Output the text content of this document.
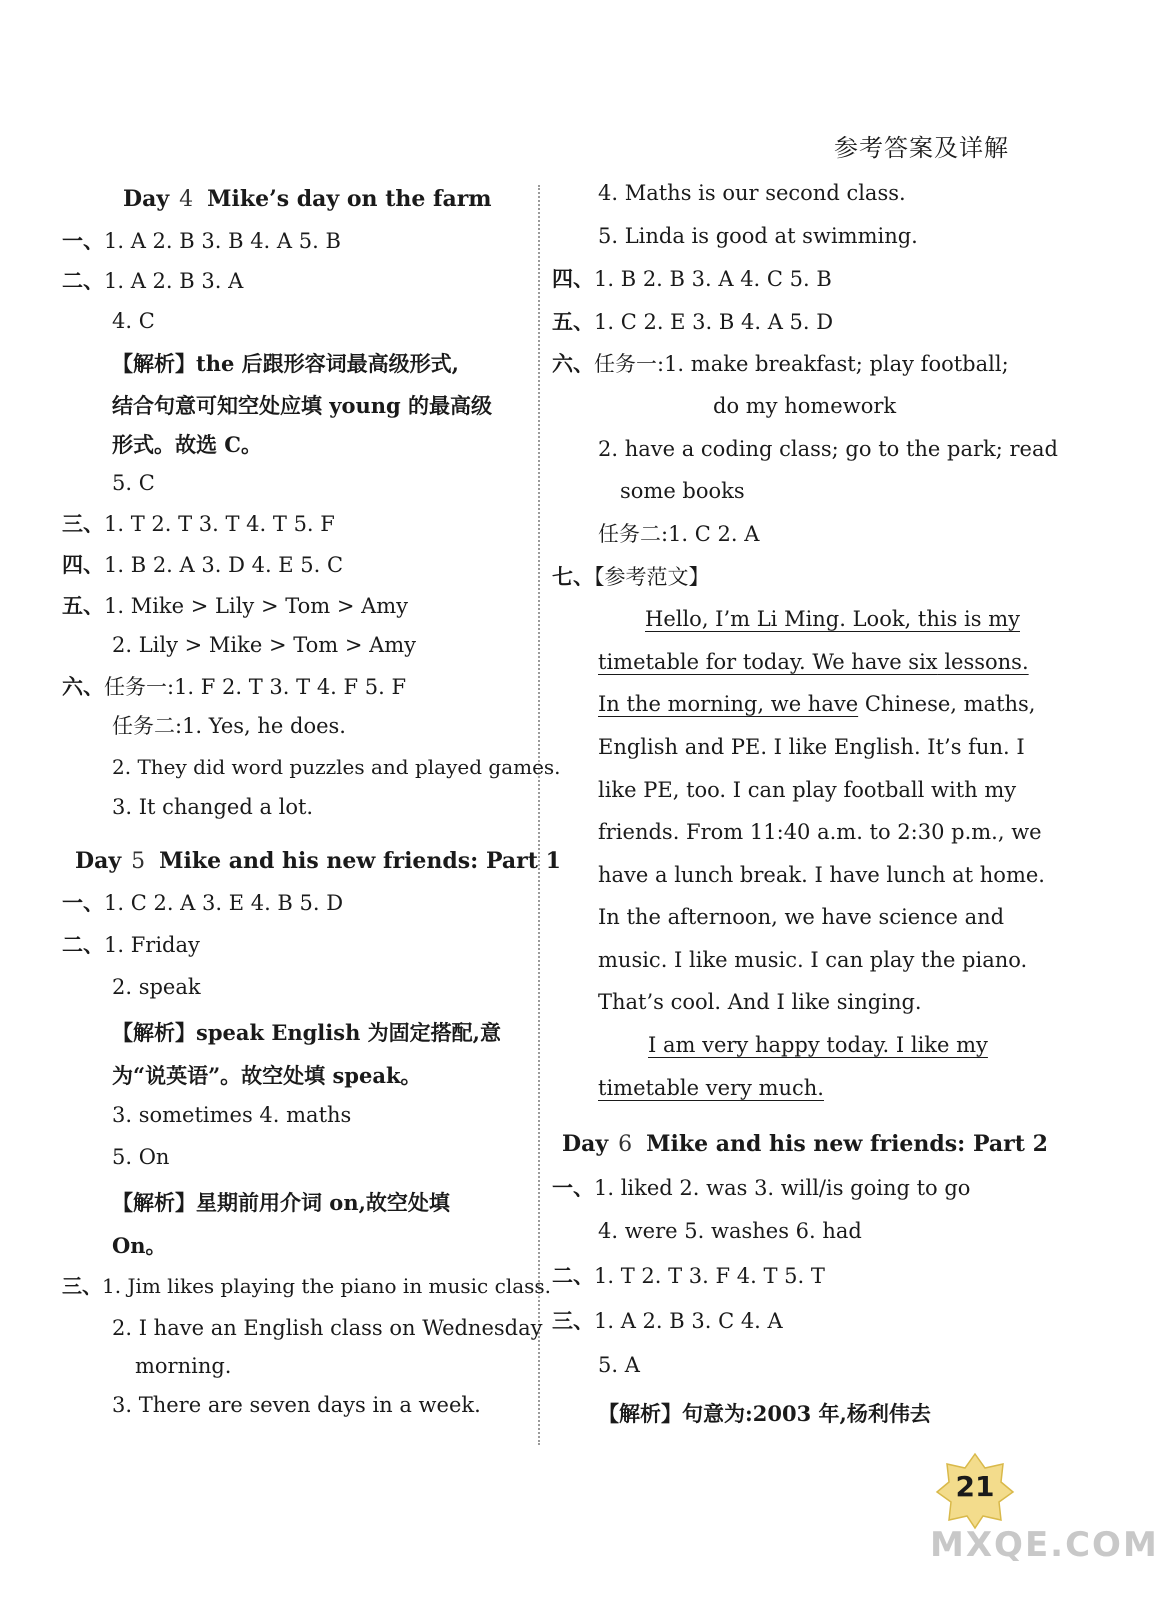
参考答案及详解
Day 4 Mike’s day on the farm
一、1. A 2. B 3. B 4. A 5. B
二、1. A 2. B 3. A
4. C
【解析】the 后跟形容词最高级形式,
结合句意可知空处应填 young 的最高级
形式。故选 C。
5. C
三、1. T 2. T 3. T 4. T 5. F
四、1. B 2. A 3. D 4. E 5. C
五、1. Mike > Lily > Tom > Amy
2. Lily > Mike > Tom > Amy
六、任务一:1. F 2. T 3. T 4. F 5. F
任务二:1. Yes, he does.
2. They did word puzzles and played games.
3. It changed a lot.
Day 5 Mike and his new friends: Part 1
一、1. C 2. A 3. E 4. B 5. D
二、1. Friday
2. speak
【解析】speak English 为固定搭配,意
为“说英语”。故空处填 speak。
3. sometimes 4. maths
5. On
【解析】星期前用介词 on,故空处填
On。
三、1. Jim likes playing the piano in music class.
2. I have an English class on Wednesday
morning.
3. There are seven days in a week.
4. Maths is our second class.
5. Linda is good at swimming.
四、1. B 2. B 3. A 4. C 5. B
五、1. C 2. E 3. B 4. A 5. D
六、任务一:1. make breakfast; play football;
do my homework
2. have a coding class; go to the park; read
some books
任务二:1. C 2. A
七、【参考范文】
Hello, I’m Li Ming. Look, this is my
timetable for today. We have six lessons.
In the morning, we have Chinese, maths,
English and PE. I like English. It’s fun. I
like PE, too. I can play football with my
friends. From 11:40 a.m. to 2:30 p.m., we
have a lunch break. I have lunch at home.
In the afternoon, we have science and
music. I like music. I can play the piano.
That’s cool. And I like singing.
I am very happy today. I like my
timetable very much.
Day 6 Mike and his new friends: Part 2
一、1. liked 2. was 3. will/is going to go
4. were 5. washes 6. had
二、1. T 2. T 3. F 4. T 5. T
三、1. A 2. B 3. C 4. A
5. A
【解析】句意为:2003 年,杨利伟去
21
MXQE.COM
